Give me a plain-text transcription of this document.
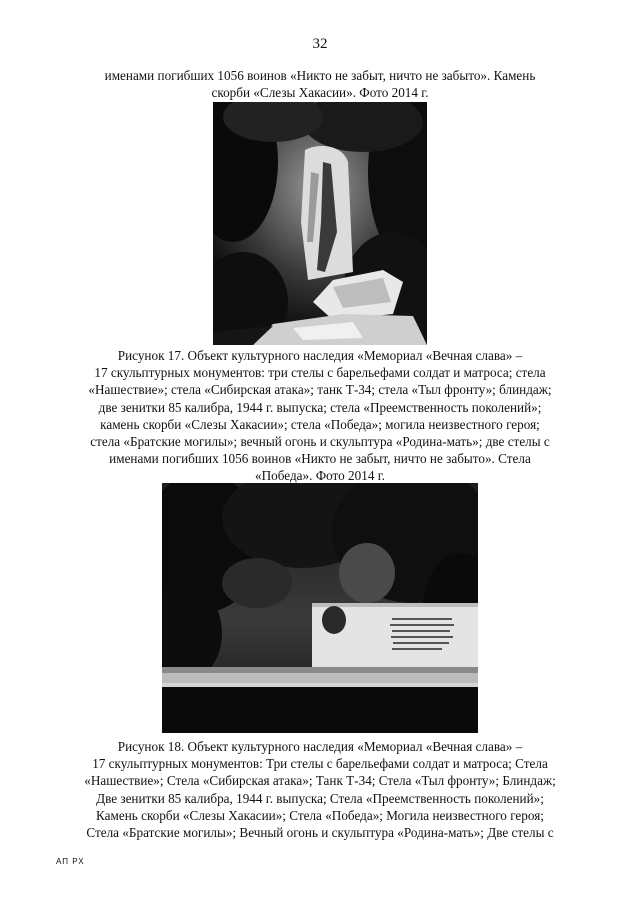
32
именами погибших 1056 воинов «Никто не забыт, ничто не забыто». Камень
скорби «Слезы Хакасии». Фото 2014 г.
Рисунок 17. Объект культурного наследия «Мемориал «Вечная слава» –
17 скульптурных монументов: три стелы с барельефами солдат и матроса; стела
«Нашествие»; стела «Сибирская атака»; танк Т-34; стела «Тыл фронту»; блиндаж;
две зенитки 85 калибра, 1944 г. выпуска; стела «Преемственность поколений»;
камень скорби «Слезы Хакасии»; стела «Победа»; могила неизвестного героя;
стела «Братские могилы»; вечный огонь и скульптура «Родина-мать»; две стелы с
именами погибших 1056 воинов «Никто не забыт, ничто не забыто». Стела
«Победа». Фото 2014 г.
Рисунок 18. Объект культурного наследия «Мемориал «Вечная слава» –
17 скульптурных монументов: Три стелы с барельефами солдат и матроса; Стела
«Нашествие»; Стела «Сибирская атака»; Танк Т-34; Стела «Тыл фронту»; Блиндаж;
Две зенитки 85 калибра, 1944 г. выпуска; Стела «Преемственность поколений»;
Камень скорби «Слезы Хакасии»; Стела «Победа»; Могила неизвестного героя;
Стела «Братские могилы»; Вечный огонь и скульптура «Родина-мать»; Две стелы с
АП РХ
